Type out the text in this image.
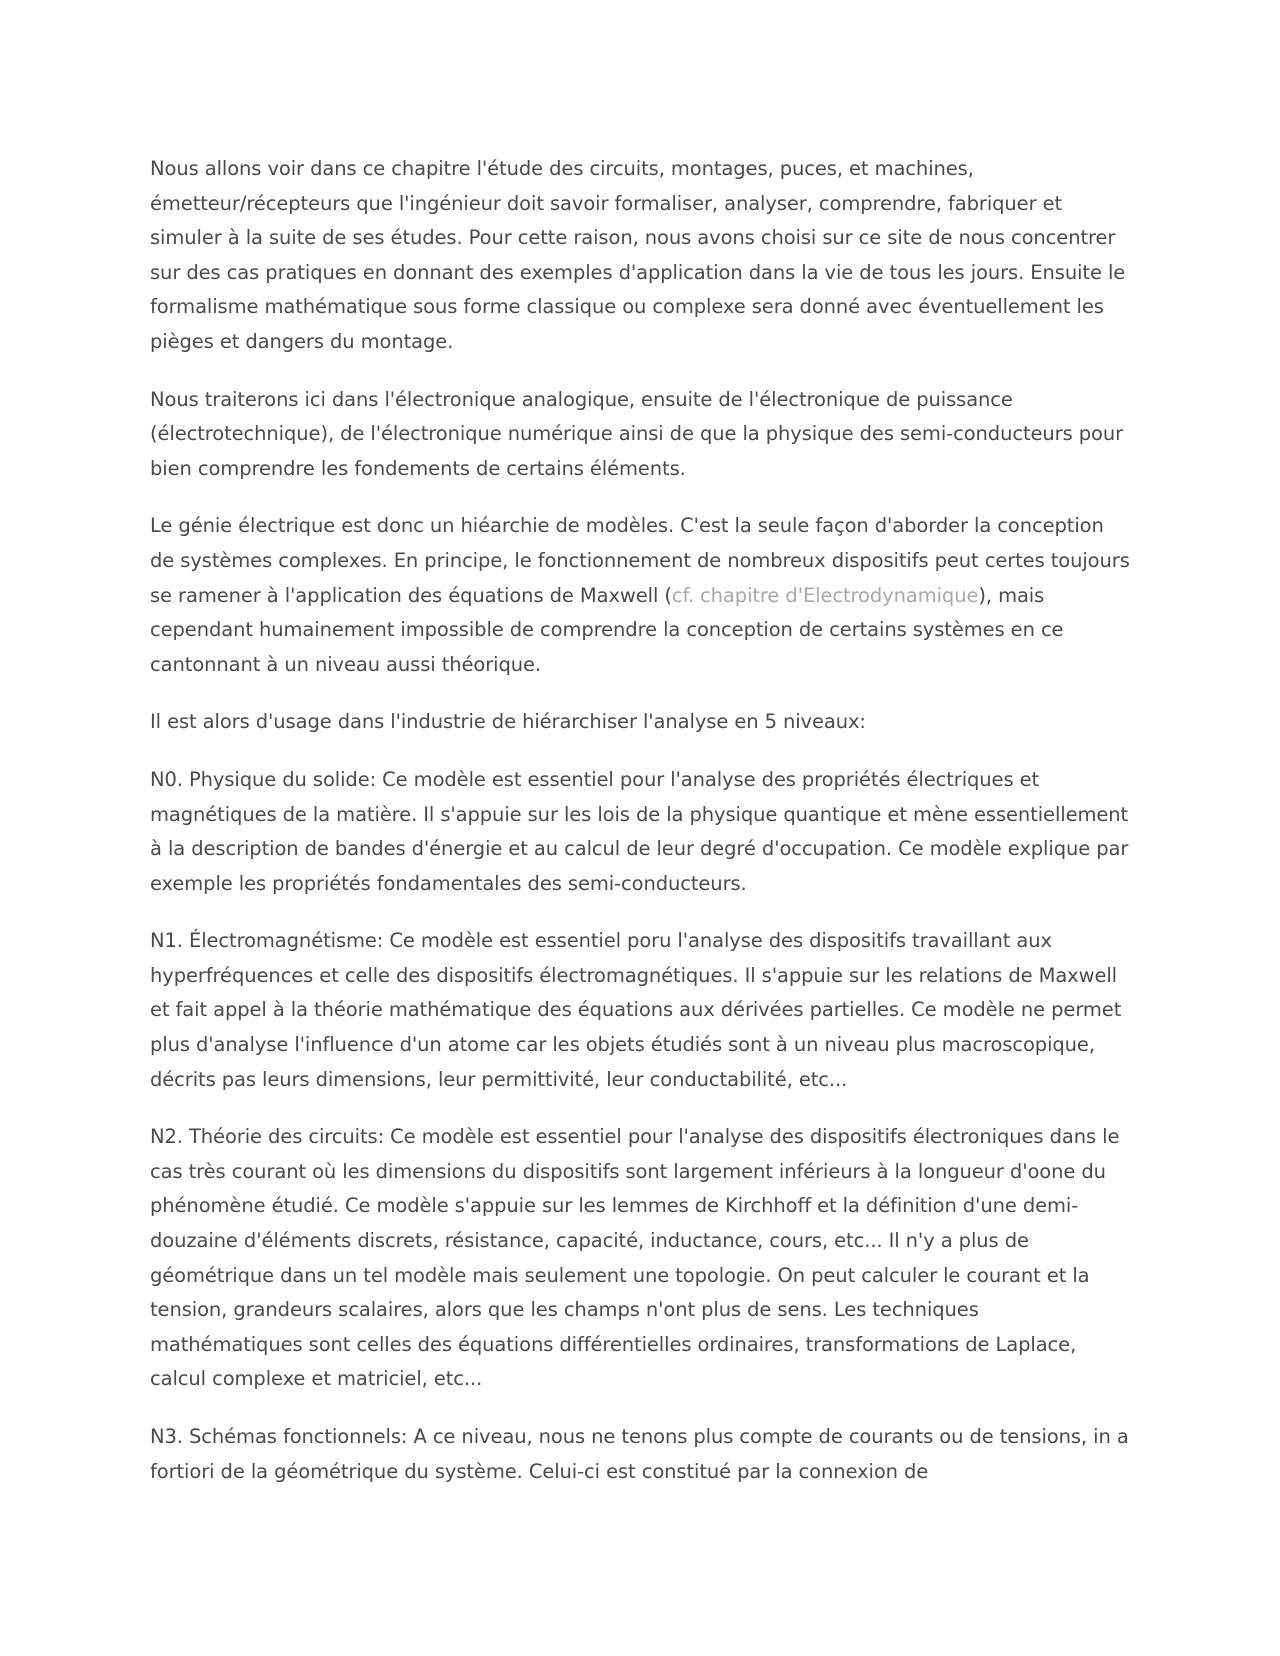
Nous allons voir dans ce chapitre l'étude des circuits, montages, puces, et machines, émetteur/récepteurs que l'ingénieur doit savoir formaliser, analyser, comprendre, fabriquer et simuler à la suite de ses études. Pour cette raison, nous avons choisi sur ce site de nous concentrer sur des cas pratiques en donnant des exemples d'application dans la vie de tous les jours. Ensuite le formalisme mathématique sous forme classique ou complexe sera donné avec éventuellement les pièges et dangers du montage.

Nous traiterons ici dans l'électronique analogique, ensuite de l'électronique de puissance (électrotechnique), de l'électronique numérique ainsi de que la physique des semi-conducteurs pour bien comprendre les fondements de certains éléments.

Le génie électrique est donc un hiéarchie de modèles. C'est la seule façon d'aborder la conception de systèmes complexes. En principe, le fonctionnement de nombreux dispositifs peut certes toujours se ramener à l'application des équations de Maxwell (cf. chapitre d'Electrodynamique), mais cependant humainement impossible de comprendre la conception de certains systèmes en ce cantonnant à un niveau aussi théorique.

Il est alors d'usage dans l'industrie de hiérarchiser l'analyse en 5 niveaux:

N0. Physique du solide: Ce modèle est essentiel pour l'analyse des propriétés électriques et magnétiques de la matière. Il s'appuie sur les lois de la physique quantique et mène essentiellement à la description de bandes d'énergie et au calcul de leur degré d'occupation. Ce modèle explique par exemple les propriétés fondamentales des semi-conducteurs.

N1. Électromagnétisme: Ce modèle est essentiel poru l'analyse des dispositifs travaillant aux hyperfréquences et celle des dispositifs électromagnétiques. Il s'appuie sur les relations de Maxwell et fait appel à la théorie mathématique des équations aux dérivées partielles. Ce modèle ne permet plus d'analyse l'influence d'un atome car les objets étudiés sont à un niveau plus macroscopique, décrits pas leurs dimensions, leur permittivité, leur conductabilité, etc...

N2. Théorie des circuits: Ce modèle est essentiel pour l'analyse des dispositifs électroniques dans le cas très courant où les dimensions du dispositifs sont largement inférieurs à la longueur d'oone du phénomène étudié. Ce modèle s'appuie sur les lemmes de Kirchhoff et la définition d'une demi-douzaine d'éléments discrets, résistance, capacité, inductance, cours, etc... Il n'y a plus de géométrique dans un tel modèle mais seulement une topologie. On peut calculer le courant et la tension, grandeurs scalaires, alors que les champs n'ont plus de sens. Les techniques mathématiques sont celles des équations différentielles ordinaires, transformations de Laplace, calcul complexe et matriciel, etc...

N3. Schémas fonctionnels: A ce niveau, nous ne tenons plus compte de courants ou de tensions, in a fortiori de la géométrique du système. Celui-ci est constitué par la connexion de
